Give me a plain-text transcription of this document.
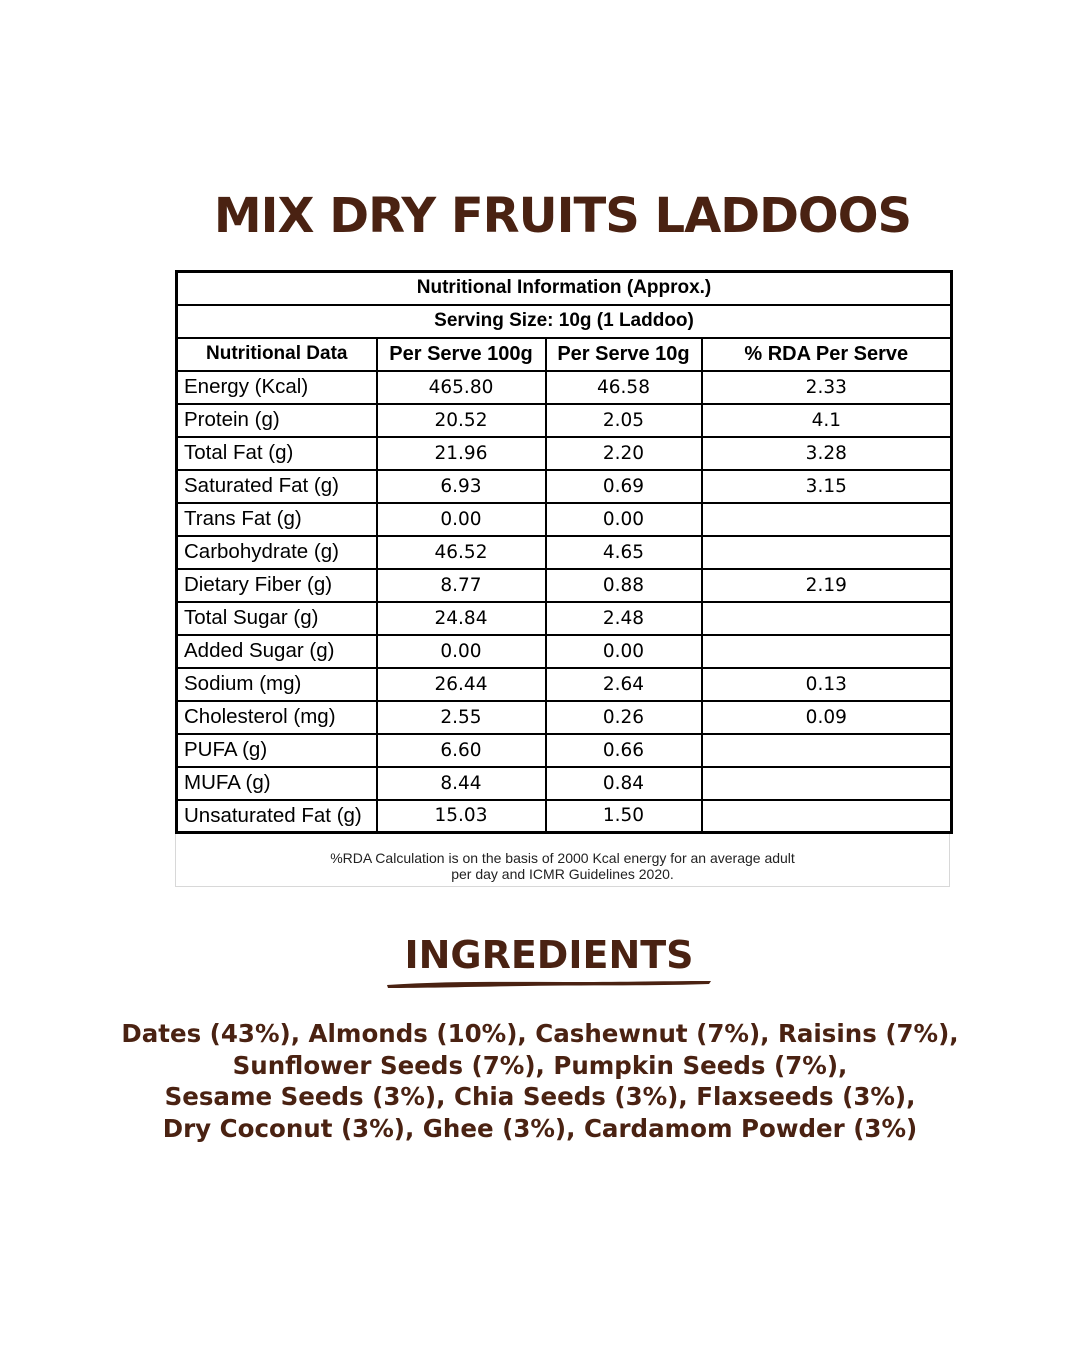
MIX DRY FRUITS LADDOOS
Nutritional Information (Approx.)			
Serving Size: 10g (1 Laddoo)			
Nutritional Data	Per Serve 100g	Per Serve 10g	% RDA Per Serve
Energy (Kcal)	465.80	46.58	2.33
Protein (g)	20.52	2.05	4.1
Total Fat (g)	21.96	2.20	3.28
Saturated Fat (g)	6.93	0.69	3.15
Trans Fat (g)	0.00	0.00	
Carbohydrate (g)	46.52	4.65	
Dietary Fiber (g)	8.77	0.88	2.19
Total Sugar (g)	24.84	2.48	
Added Sugar (g)	0.00	0.00	
Sodium (mg)	26.44	2.64	0.13
Cholesterol (mg)	2.55	0.26	0.09
PUFA (g)	6.60	0.66	
MUFA (g)	8.44	0.84	
Unsaturated Fat (g)	15.03	1.50	
%RDA Calculation is on the basis of 2000 Kcal energy for an average adult
per day and ICMR Guidelines 2020.
INGREDIENTS

Dates (43%), Almonds (10%), Cashewnut (7%), Raisins (7%),
Sunflower Seeds (7%), Pumpkin Seeds (7%),
Sesame Seeds (3%), Chia Seeds (3%), Flaxseeds (3%),
Dry Coconut (3%), Ghee (3%), Cardamom Powder (3%)
